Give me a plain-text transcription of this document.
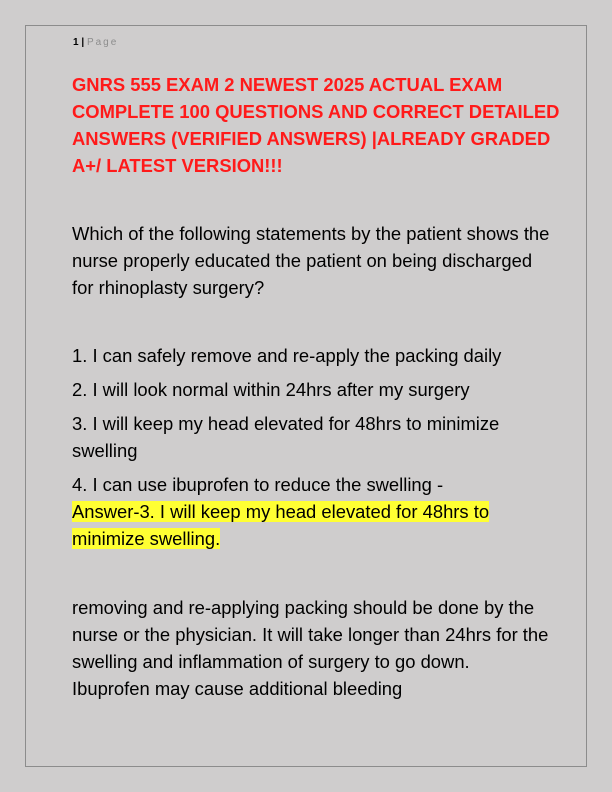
1 | Page

GNRS 555 EXAM 2 NEWEST 2025 ACTUAL EXAM COMPLETE 100 QUESTIONS AND CORRECT DETAILED ANSWERS (VERIFIED ANSWERS) |ALREADY GRADED A+/ LATEST VERSION!!!

Which of the following statements by the patient shows the nurse properly educated the patient on being discharged for rhinoplasty surgery?

1. I can safely remove and re-apply the packing daily
2. I will look normal within 24hrs after my surgery
3. I will keep my head elevated for 48hrs to minimize swelling
4. I can use ibuprofen to reduce the swelling -
Answer-3. I will keep my head elevated for 48hrs to minimize swelling.

removing and re-applying packing should be done by the nurse or the physician. It will take longer than 24hrs for the swelling and inflammation of surgery to go down. Ibuprofen may cause additional bleeding
